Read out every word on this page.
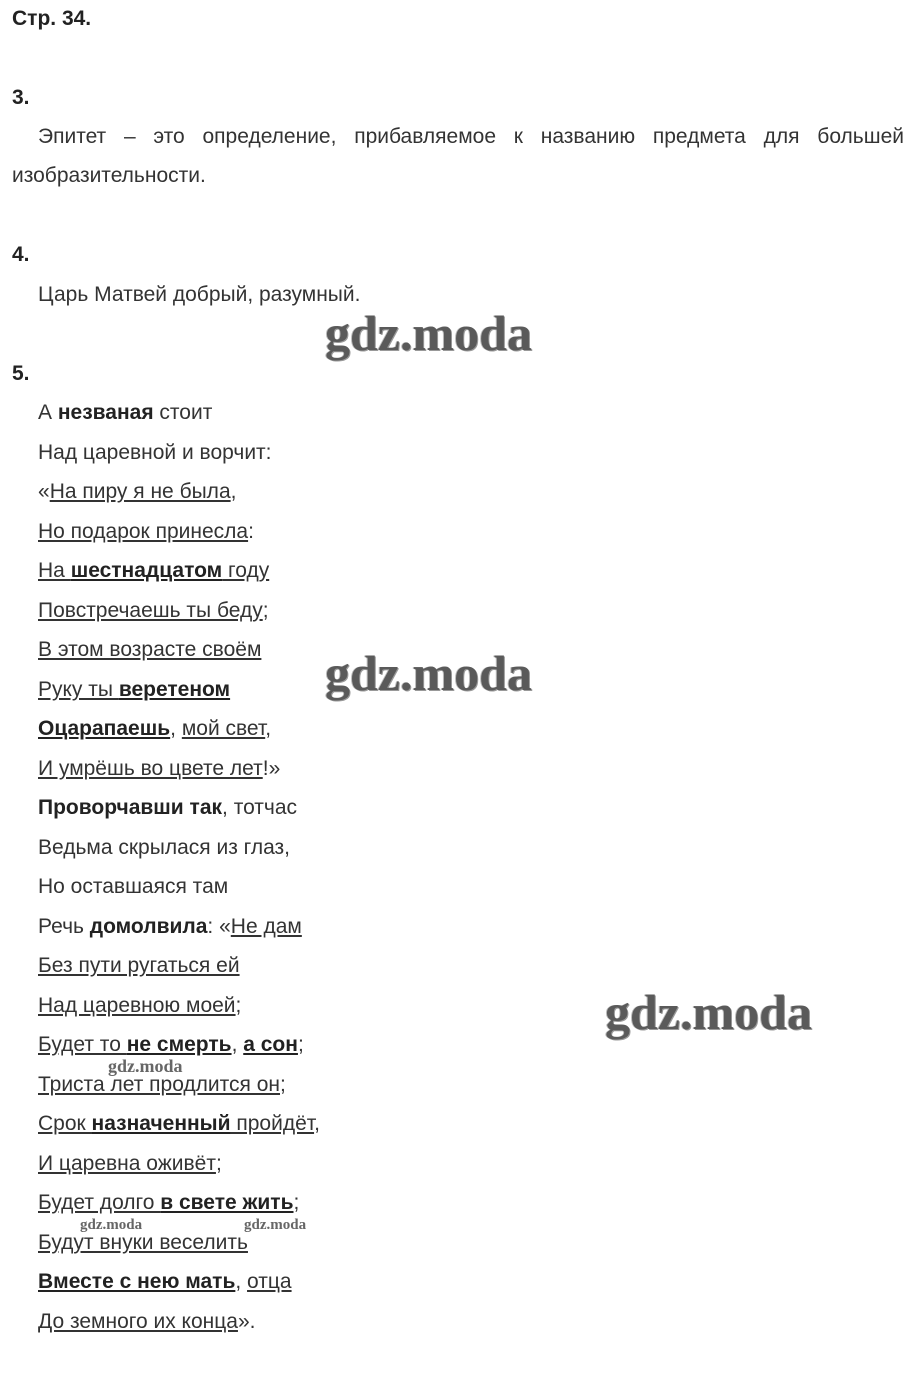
Стр. 34.
3.
Эпитет – это определение, прибавляемое к названию предмета для большей
изобразительности.
4.
Царь Матвей добрый, разумный.
5.
А незваная стоит
Над царевной и ворчит:
«На пиру я не была,
Но подарок принесла:
На шестнадцатом году
Повстречаешь ты беду;
В этом возрасте своём
Руку ты веретеном
Оцарапаешь, мой свет,
И умрёшь во цвете лет!»
Проворчавши так, тотчас
Ведьма скрылася из глаз,
Но оставшаяся там
Речь домолвила: «Не дам
Без пути ругаться ей
Над царевною моей;
Будет то не смерть, а сон;
Триста лет продлится он;
Срок назначенный пройдёт,
И царевна оживёт;
Будет долго в свете жить;
Будут внуки веселить
Вместе с нею мать, отца
До земного их конца».
gdz.moda
gdz.moda
gdz.moda
gdz.moda
gdz.moda	gdz.moda
